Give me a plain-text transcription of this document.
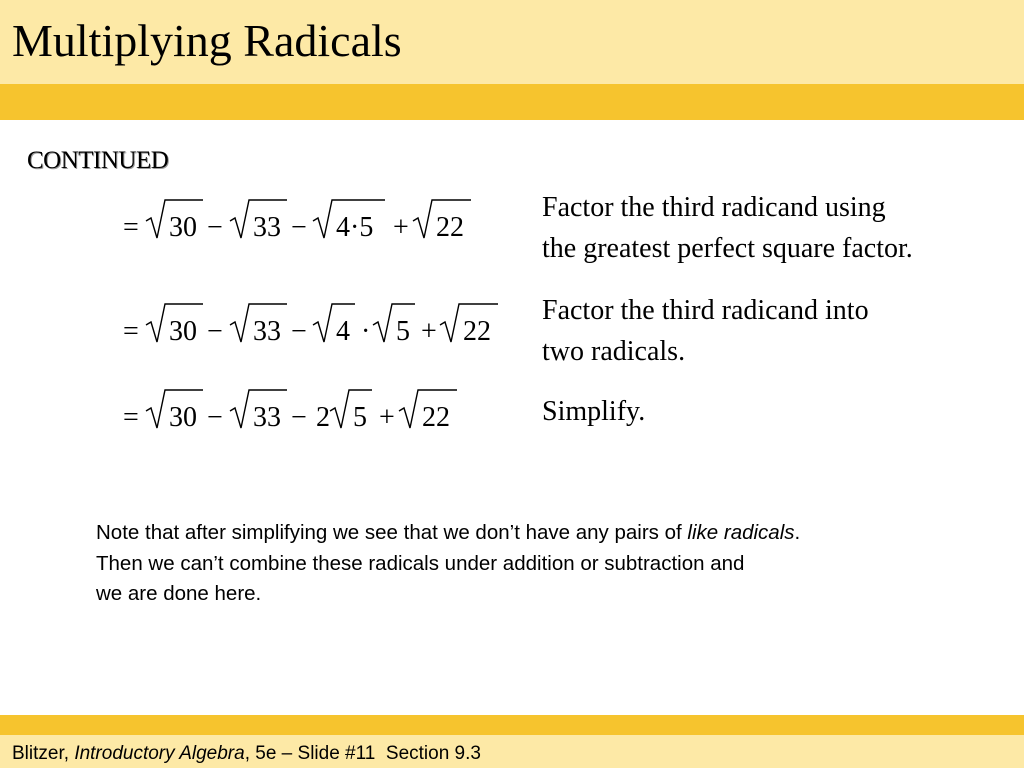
Multiplying Radicals
CONTINUED
= 30 − 33 − 4·5 + 22
Factor the third radicand using
the greatest perfect square factor.
= 30 − 33 − 4 · 5 + 22
Factor the third radicand into
two radicals.
= 30 − 33 − 2 5 + 22	Simplify.
Note that after simplifying we see that we don’t have any pairs of like radicals.
Then we can’t combine these radicals under addition or subtraction and
we are done here.
Blitzer, Introductory Algebra, 5e – Slide #11  Section 9.3
